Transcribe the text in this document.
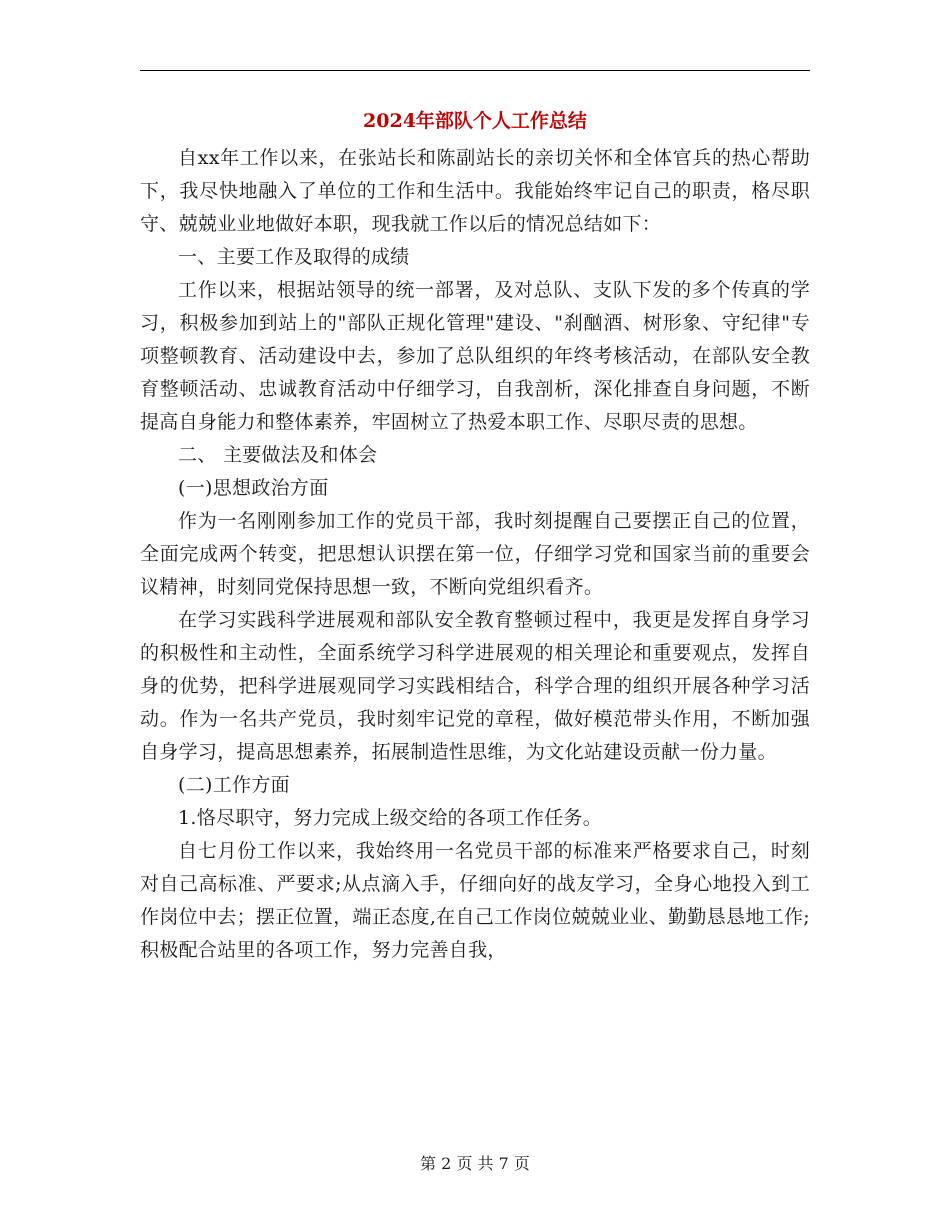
2024年部队个人工作总结

自xx年工作以来，在张站长和陈副站长的亲切关怀和全体官兵的热心帮助下，我尽快地融入了单位的工作和生活中。我能始终牢记自己的职责，格尽职守、兢兢业业地做好本职，现我就工作以后的情况总结如下：

一、主要工作及取得的成绩

工作以来，根据站领导的统一部署，及对总队、支队下发的多个传真的学习，积极参加到站上的"部队正规化管理"建设、"刹酗酒、树形象、守纪律"专项整顿教育、活动建设中去，参加了总队组织的年终考核活动，在部队安全教育整顿活动、忠诚教育活动中仔细学习，自我剖析，深化排查自身问题，不断提高自身能力和整体素养，牢固树立了热爱本职工作、尽职尽责的思想。

二、 主要做法及和体会

(一)思想政治方面

作为一名刚刚参加工作的党员干部，我时刻提醒自己要摆正自己的位置，全面完成两个转变，把思想认识摆在第一位，仔细学习党和国家当前的重要会议精神，时刻同党保持思想一致，不断向党组织看齐。

在学习实践科学进展观和部队安全教育整顿过程中，我更是发挥自身学习的积极性和主动性，全面系统学习科学进展观的相关理论和重要观点，发挥自身的优势，把科学进展观同学习实践相结合，科学合理的组织开展各种学习活动。作为一名共产党员，我时刻牢记党的章程，做好模范带头作用，不断加强自身学习，提高思想素养，拓展制造性思维，为文化站建设贡献一份力量。

(二)工作方面

1.恪尽职守，努力完成上级交给的各项工作任务。

自七月份工作以来，我始终用一名党员干部的标准来严格要求自己，时刻对自己高标准、严要求;从点滴入手，仔细向好的战友学习，全身心地投入到工作岗位中去；摆正位置，端正态度,在自己工作岗位兢兢业业、勤勤恳恳地工作;积极配合站里的各项工作，努力完善自我，

第 2 页 共 7 页
